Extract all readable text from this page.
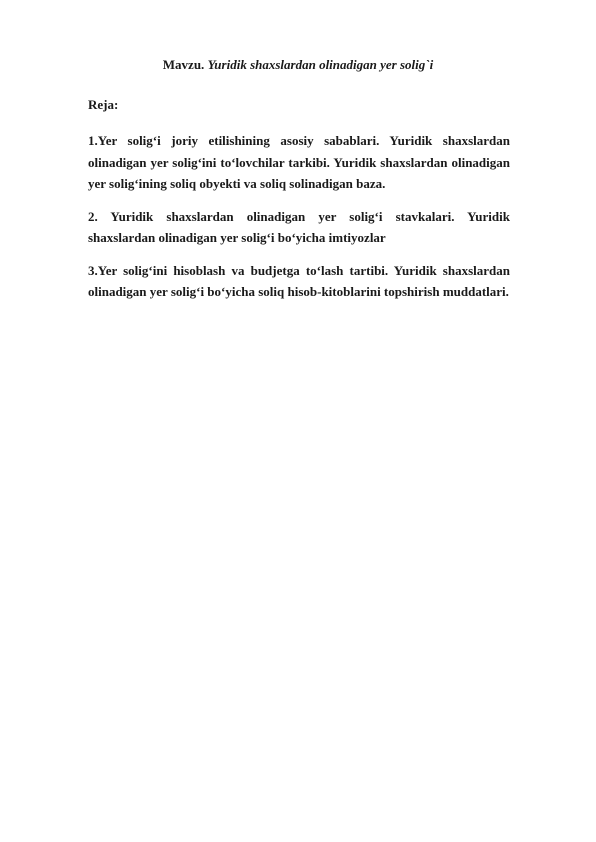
Mavzu. Yuridik shaxslardan olinadigan yer solig`i
Reja:

1.Yer solig‘i joriy etilishining asosiy sabablari. Yuridik shaxslardan olinadigan yer solig‘ini to‘lovchilar tarkibi. Yuridik shaxslardan olinadigan yer solig‘ining soliq obyekti va soliq solinadigan baza.

2. Yuridik shaxslardan olinadigan yer solig‘i stavkalari. Yuridik shaxslardan olinadigan yer solig‘i bo‘yicha imtiyozlar

3.Yer solig‘ini hisoblash va budjetga to‘lash tartibi. Yuridik shaxslardan olinadigan yer solig‘i bo‘yicha soliq hisob-kitoblarini topshirish muddatlari.
